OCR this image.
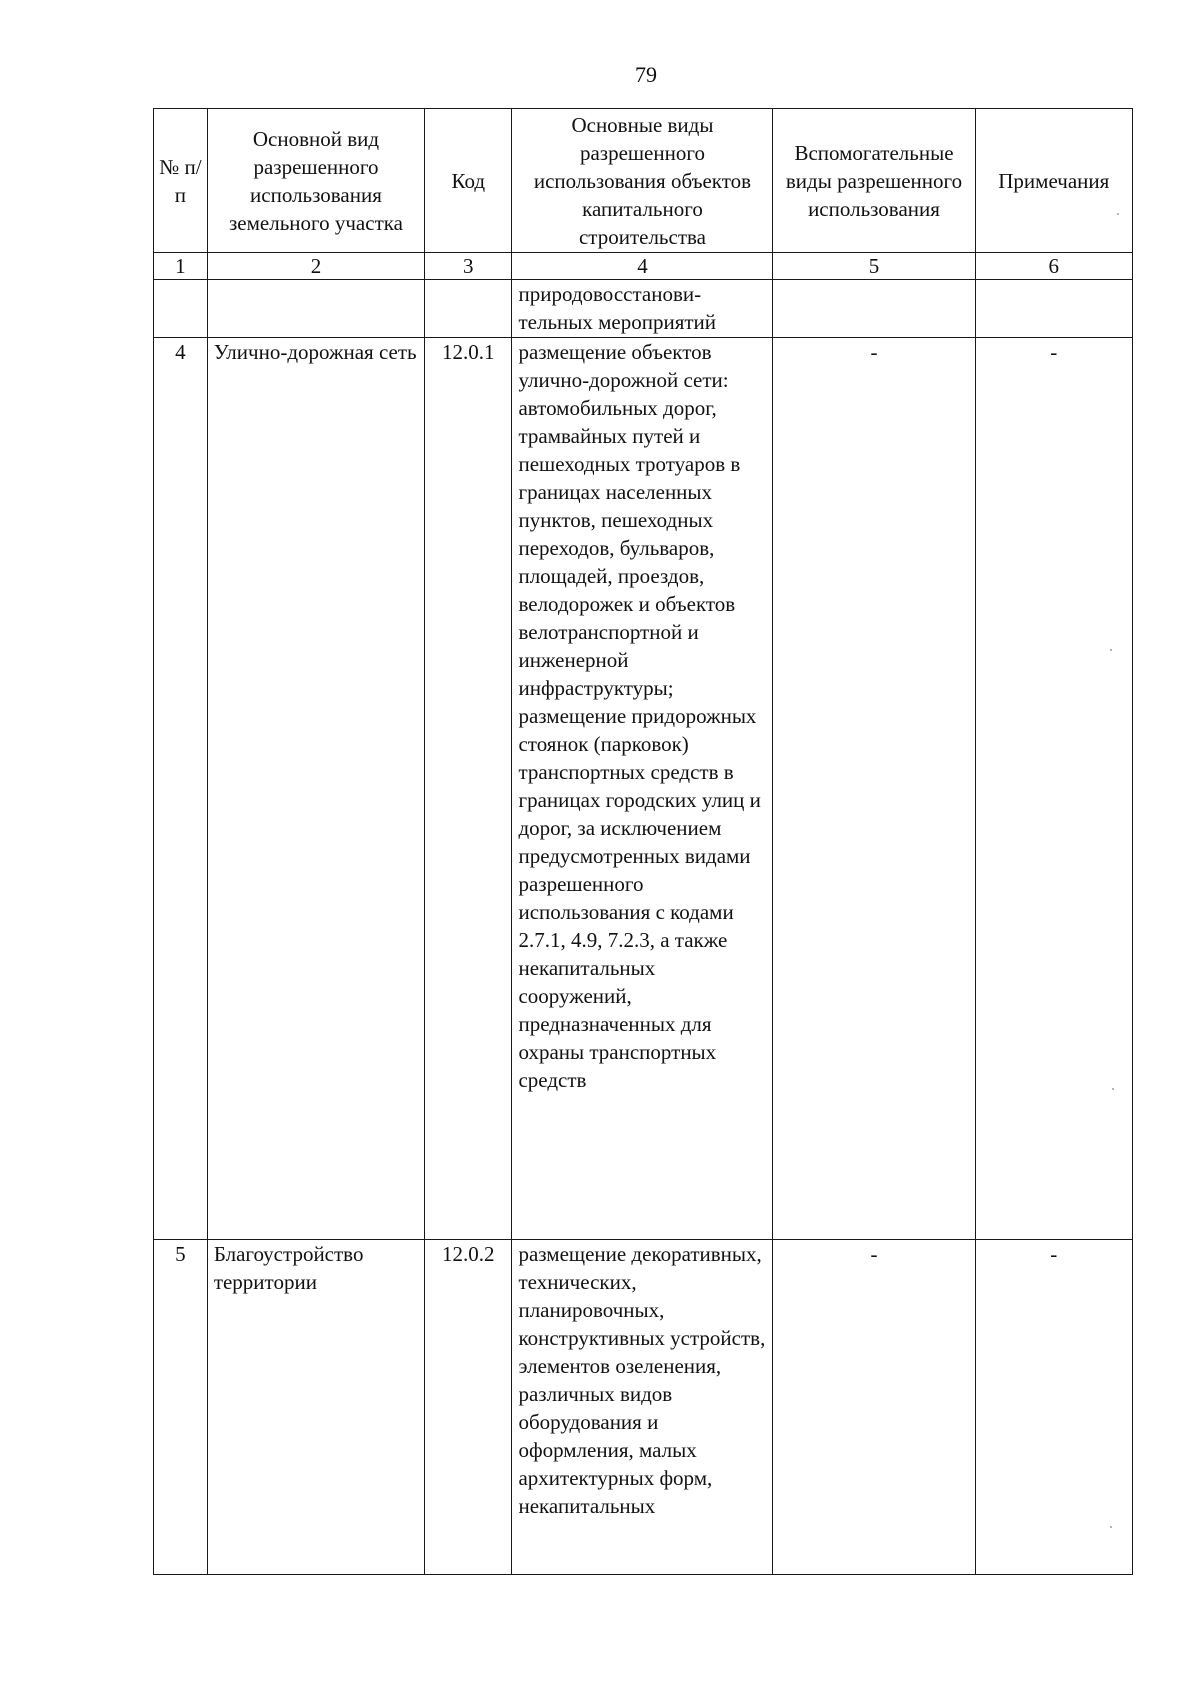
79
№ п/п	Основной вид разрешенного использования земельного участка	Код	Основные виды разрешенного использования объектов капитального строительства	Вспомогательные виды разрешенного использования	Примечания
1	2	3	4	5	6
			природовосстанови-тельных мероприятий		
4	Улично-дорожная сеть	12.0.1	размещение объектов улично-дорожной сети: автомобильных дорог, трамвайных путей и пешеходных тротуаров в границах населенных пунктов, пешеходных переходов, бульваров, площадей, проездов, велодорожек и объектов велотранспортной и инженерной инфраструктуры; размещение придорожных стоянок (парковок) транспортных средств в границах городских улиц и дорог, за исключением предусмотренных видами разрешенного использования с кодами 2.7.1, 4.9, 7.2.3, а также некапитальных сооружений, предназначенных для охраны транспортных средств	-	-
5	Благоустройство территории	12.0.2	размещение декоративных, технических, планировочных, конструктивных устройств, элементов озеленения, различных видов оборудования и оформления, малых архитектурных форм, некапитальных	-	-
